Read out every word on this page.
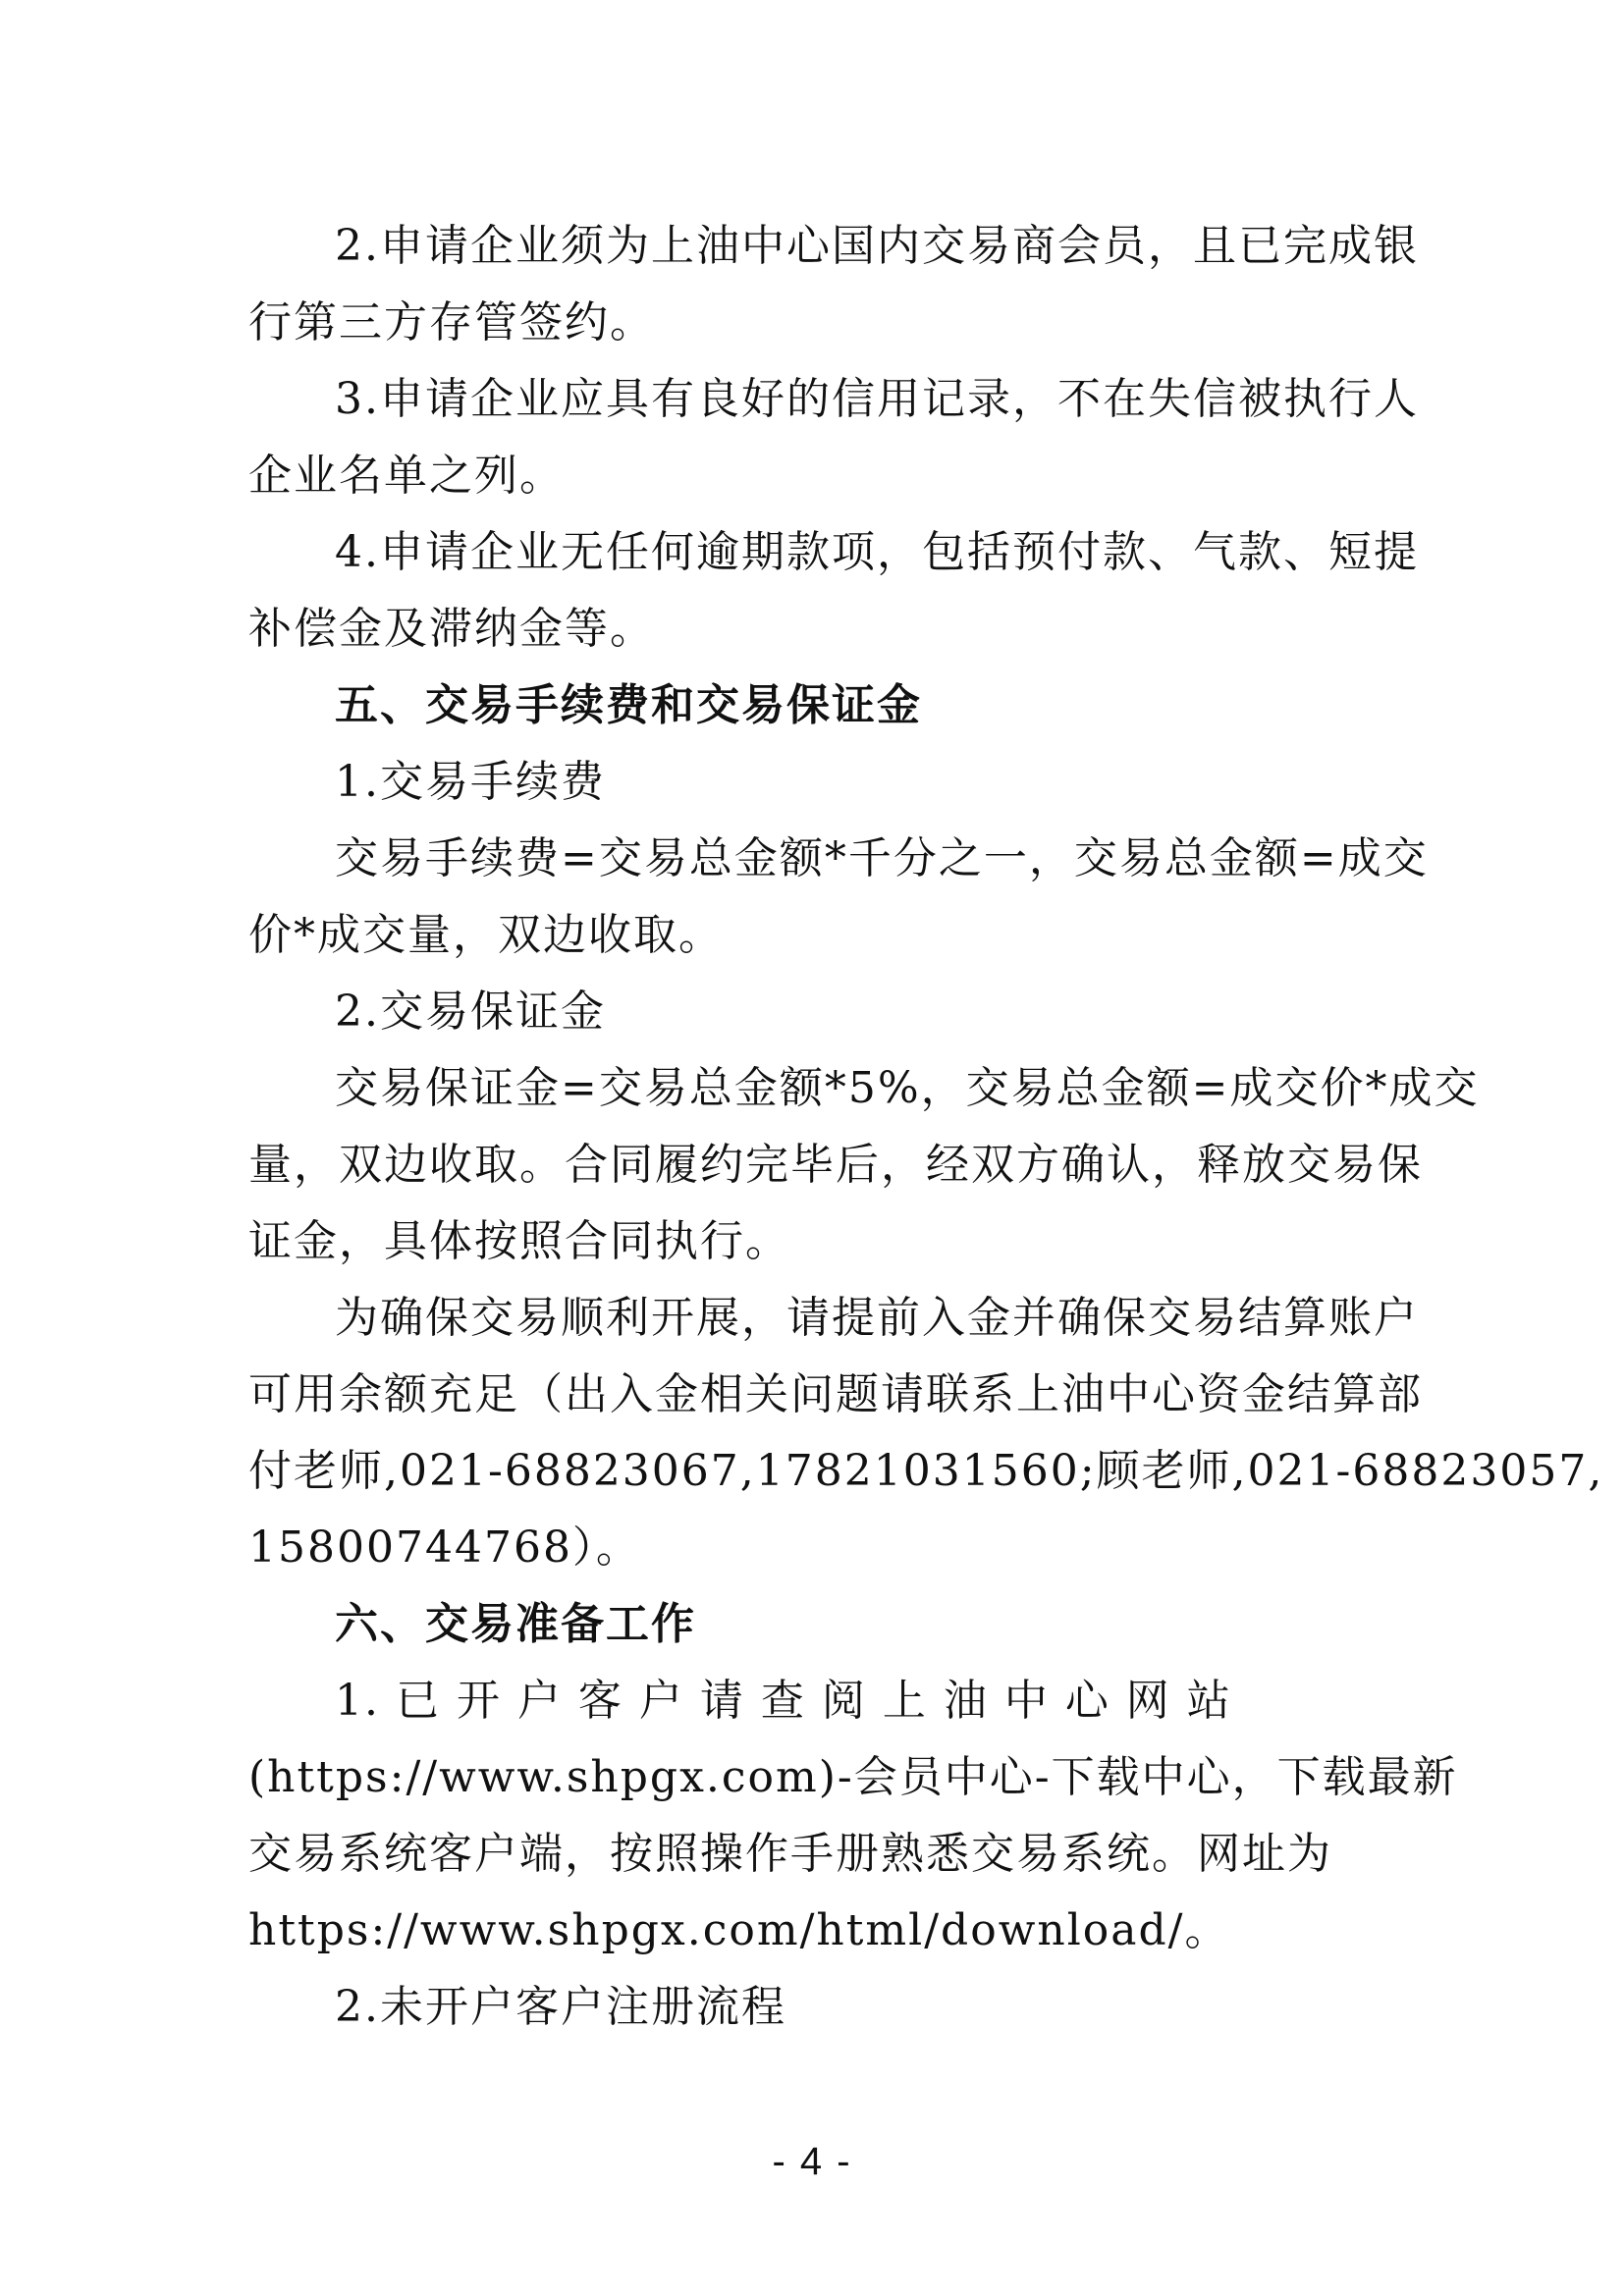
2.申请企业须为上油中心国内交易商会员，且已完成银
行第三方存管签约。
3.申请企业应具有良好的信用记录，不在失信被执行人
企业名单之列。
4.申请企业无任何逾期款项，包括预付款、气款、短提
补偿金及滞纳金等。
五、交易手续费和交易保证金
1.交易手续费
交易手续费=交易总金额*千分之一，交易总金额=成交
价*成交量，双边收取。
2.交易保证金
交易保证金=交易总金额*5%，交易总金额=成交价*成交
量，双边收取。合同履约完毕后，经双方确认，释放交易保
证金，具体按照合同执行。
为确保交易顺利开展，请提前入金并确保交易结算账户
可用余额充足（出入金相关问题请联系上油中心资金结算部
付老师,021-68823067,17821031560;顾老师,021-68823057,
15800744768）。
六、交易准备工作
1. 已 开 户 客 户 请 查 阅 上 油 中 心 网 站
(https://www.shpgx.com)-会员中心-下载中心，下载最新
交易系统客户端，按照操作手册熟悉交易系统。网址为
https://www.shpgx.com/html/download/。
2.未开户客户注册流程
- 4 -
